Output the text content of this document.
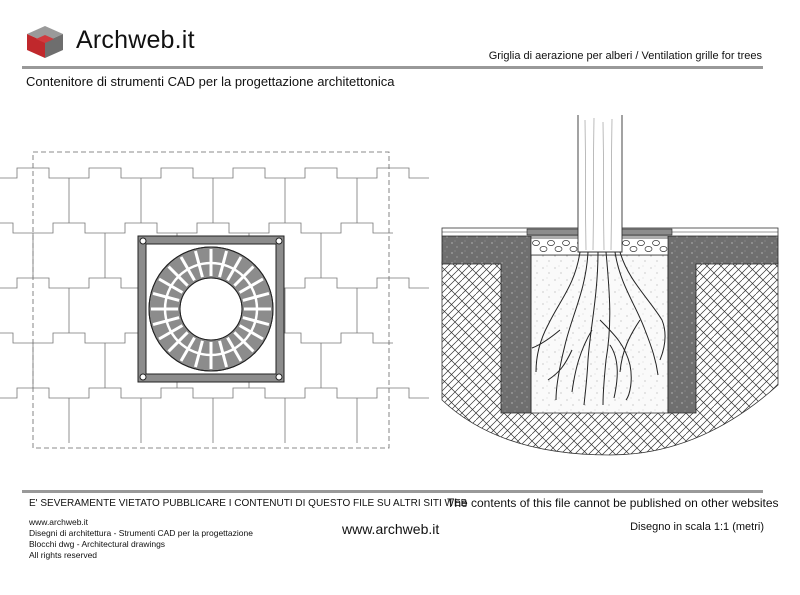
Archweb.it
Griglia di aerazione per alberi / Ventilation grille for trees
Contenitore di strumenti CAD per la progettazione architettonica
E' SEVERAMENTE VIETATO PUBBLICARE I CONTENUTI DI QUESTO FILE SU ALTRI SITI WEB
The contents of this file cannot be published on other websites
www.archweb.it
Disegni di architettura - Strumenti CAD per la progettazione
Blocchi dwg - Architectural drawings
All rights reserved
www.archweb.it	Disegno in scala 1:1 (metri)
